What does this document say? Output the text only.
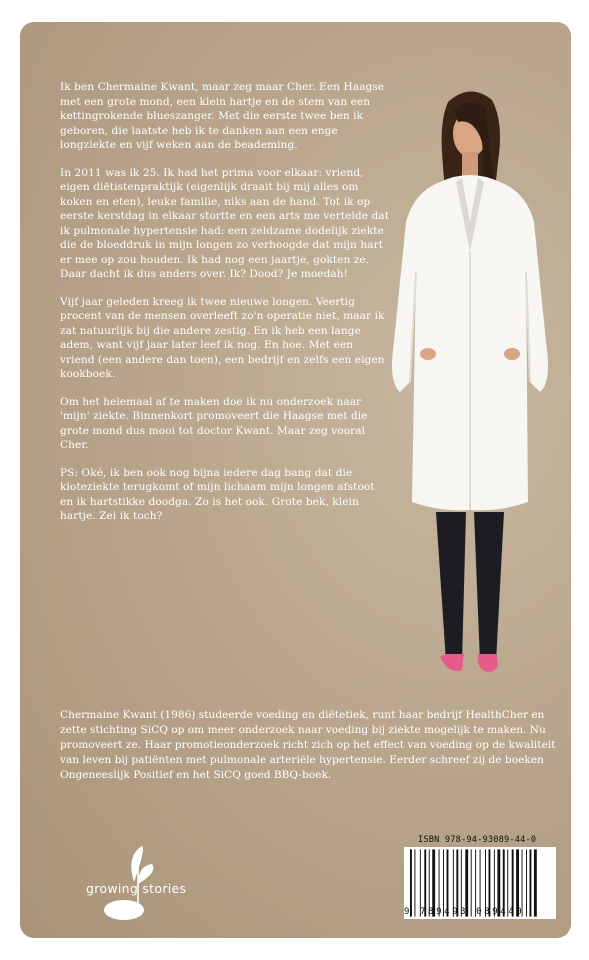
Ik ben Chermaine Kwant, maar zeg maar Cher. Een Haagse met een grote mond, een klein hartje en de stem van een kettingrokende blueszanger. Met die eerste twee ben ik geboren, die laatste heb ik te danken aan een enge longziekte en vijf weken aan de beademing.

In 2011 was ik 25. Ik had het prima voor elkaar: vriend, eigen diëtistenpraktijk (eigenlijk draait bij mij alles om koken en eten), leuke familie, niks aan de hand. Tot ik op eerste kerstdag in elkaar stortte en een arts me vertelde dat ik pulmonale hypertensie had: een zeldzame dodelijk ziekte die de bloeddruk in mijn longen zo verhoogde dat mijn hart er mee op zou houden. Ik had nog een jaartje, gokten ze. Daar dacht ik dus anders over. Ik? Dood? Je moedah!

Vijf jaar geleden kreeg ik twee nieuwe longen. Veertig procent van de mensen overleeft zo'n operatie niet, maar ik zat natuurlijk bij die andere zestig. En ik heb een lange adem, want vijf jaar later leef ik nog. En hoe. Met een vriend (een andere dan toen), een bedrijf en zelfs een eigen kookboek.

Om het helemaal af te maken doe ik nu onderzoek naar 'mijn' ziekte. Binnenkort promoveert die Haagse met die grote mond dus mooi tot doctor Kwant. Maar zeg vooral Cher.

PS: Oké, ik ben ook nog bijna iedere dag bang dat die kloteziekte terugkomt of mijn lichaam mijn longen afstoot en ik hartstikke doodga. Zo is het ook. Grote bek, klein hartje. Zei ik toch?

Chermaine Kwant (1986) studeerde voeding en diëtetiek, runt haar bedrijf HealthCher en zette stichting SiCQ op om meer onderzoek naar voeding bij ziekte mogelijk te maken. Nu promoveert ze. Haar promotieonderzoek richt zich op het effect van voeding op de kwaliteit van leven bij patiënten met pulmonale arteriële hypertensie. Eerder schreef zij de boeken Ongeneeslijk Positief en het SiCQ goed BBQ-boek.

growing stories
ISBN 978-94-93089-44-0
9 789493 089440
